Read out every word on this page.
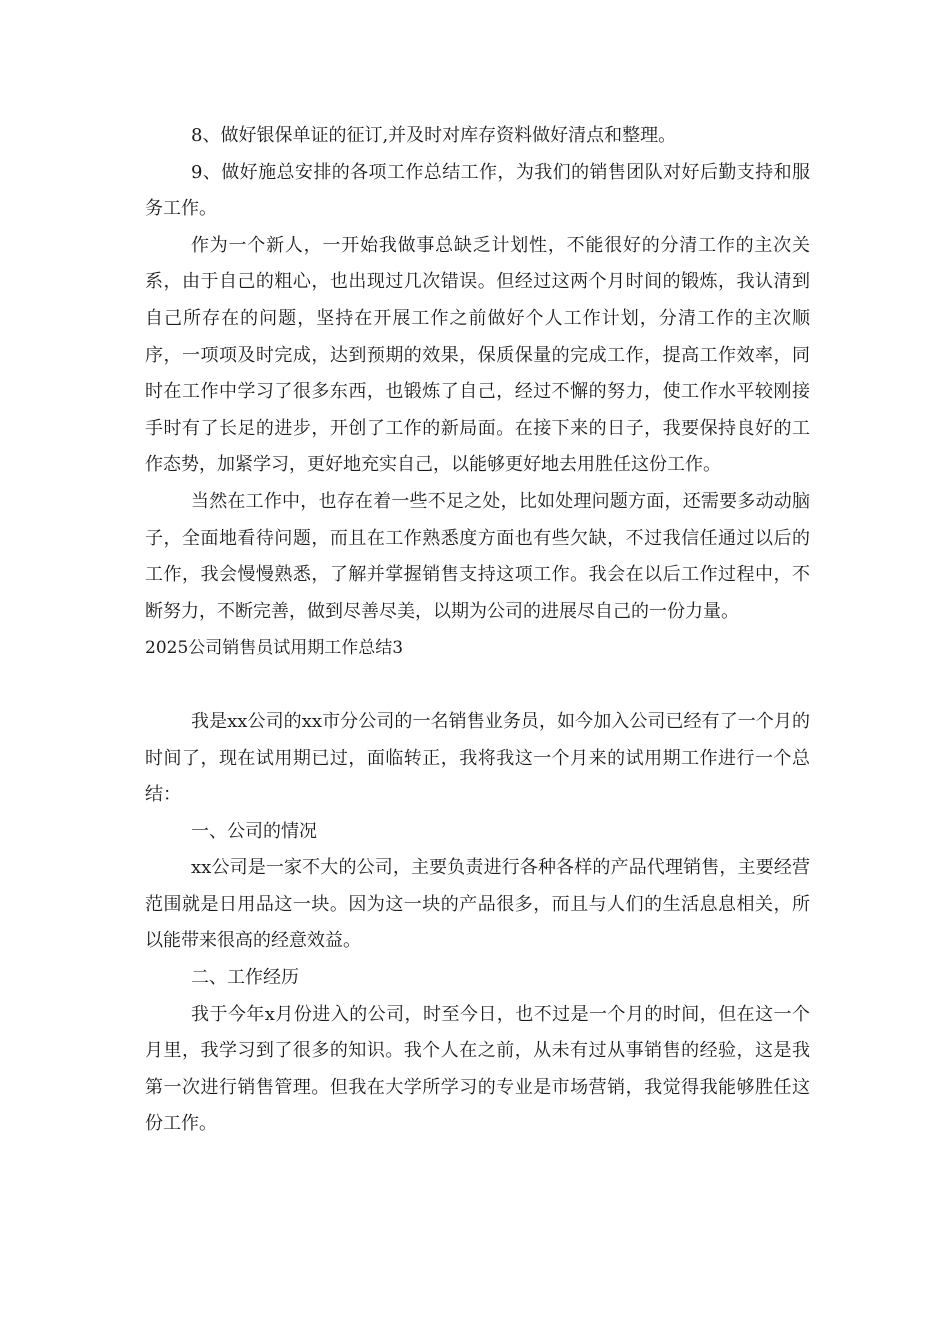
8、做好银保单证的征订,并及时对库存资料做好清点和整理。

9、做好施总安排的各项工作总结工作，为我们的销售团队对好后勤支持和服务工作。

作为一个新人，一开始我做事总缺乏计划性，不能很好的分清工作的主次关系，由于自己的粗心，也出现过几次错误。但经过这两个月时间的锻炼，我认清到自己所存在的问题，坚持在开展工作之前做好个人工作计划，分清工作的主次顺序，一项项及时完成，达到预期的效果，保质保量的完成工作，提高工作效率，同时在工作中学习了很多东西，也锻炼了自己，经过不懈的努力，使工作水平较刚接手时有了长足的进步，开创了工作的新局面。在接下来的日子，我要保持良好的工作态势，加紧学习，更好地充实自己，以能够更好地去用胜任这份工作。

当然在工作中，也存在着一些不足之处，比如处理问题方面，还需要多动动脑子，全面地看待问题，而且在工作熟悉度方面也有些欠缺，不过我信任通过以后的工作，我会慢慢熟悉，了解并掌握销售支持这项工作。我会在以后工作过程中，不断努力，不断完善，做到尽善尽美，以期为公司的进展尽自己的一份力量。

2025公司销售员试用期工作总结3

我是xx公司的xx市分公司的一名销售业务员，如今加入公司已经有了一个月的时间了，现在试用期已过，面临转正，我将我这一个月来的试用期工作进行一个总结：

一、公司的情况

xx公司是一家不大的公司，主要负责进行各种各样的产品代理销售，主要经营范围就是日用品这一块。因为这一块的产品很多，而且与人们的生活息息相关，所以能带来很高的经意效益。

二、工作经历

我于今年x月份进入的公司，时至今日，也不过是一个月的时间，但在这一个月里，我学习到了很多的知识。我个人在之前，从未有过从事销售的经验，这是我第一次进行销售管理。但我在大学所学习的专业是市场营销，我觉得我能够胜任这份工作。
